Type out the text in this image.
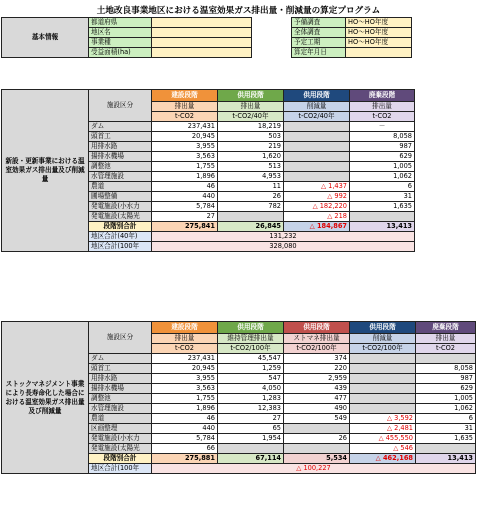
土地改良事業地区における温室効果ガス排出量・削減量の算定プログラム
基本情報	都道府県			予備調査	HO～HO年度
	地区名			全体調査	HO～HO年度
	事業種			予定工期	HO～HO年度
	受益面積(ha)			算定年月日	
新設・更新事業における温室効果ガス排出量及び削減量	施設区分	建設段階	供用段階	供用段階	廃棄段階
		排出量	排出量	削減量	排出量
		t-CO2	t-CO2/40年	t-CO2/40年	t-CO2
	ダム	237,431	18,219		－
	頭首工	20,945	503		8,058
	用排水路	3,955	219		987
	揚排水機場	3,563	1,620		629
	調整池	1,755	513		1,005
	水管理施設	1,896	4,953		1,062
	農道	46	11	△ 1,437	6
	圃場整備	440	26	△ 992	31
	発電施設(小水力	5,784	782	△ 182,220	1,635
	発電施設(太陽光	27		△ 218	
	段階別合計	275,841	26,845	△ 184,867	13,413
	地区合計(40年)	131,232			
	地区合計(100年	328,080			
ストックマネジメント事業により長寿命化した場合における温室効果ガス排出量及び削減量	施設区分	建設段階	供用段階	供用段階	供用段階	廃棄段階
		排出量	維持管理排出量	ストマネ排出量	削減量	排出量
		t-CO2	t-CO2/100年	t-CO2/100年	t-CO2/100年	t-CO2
	ダム	237,431	45,547	374		
	頭首工	20,945	1,259	220		8,058
	用排水路	3,955	547	2,959		987
	揚排水機場	3,563	4,050	439		629
	調整池	1,755	1,283	477		1,005
	水管理施設	1,896	12,383	490		1,062
	農道	46	27	549	△ 3,592	6
	区画整理	440	65		△ 2,481	31
	発電施設(小水力	5,784	1,954	26	△ 455,550	1,635
	発電施設(太陽光	66			△ 546	
	段階別合計	275,881	67,114	5,534	△ 462,168	13,413
	地区合計(100年	△ 100,227				
